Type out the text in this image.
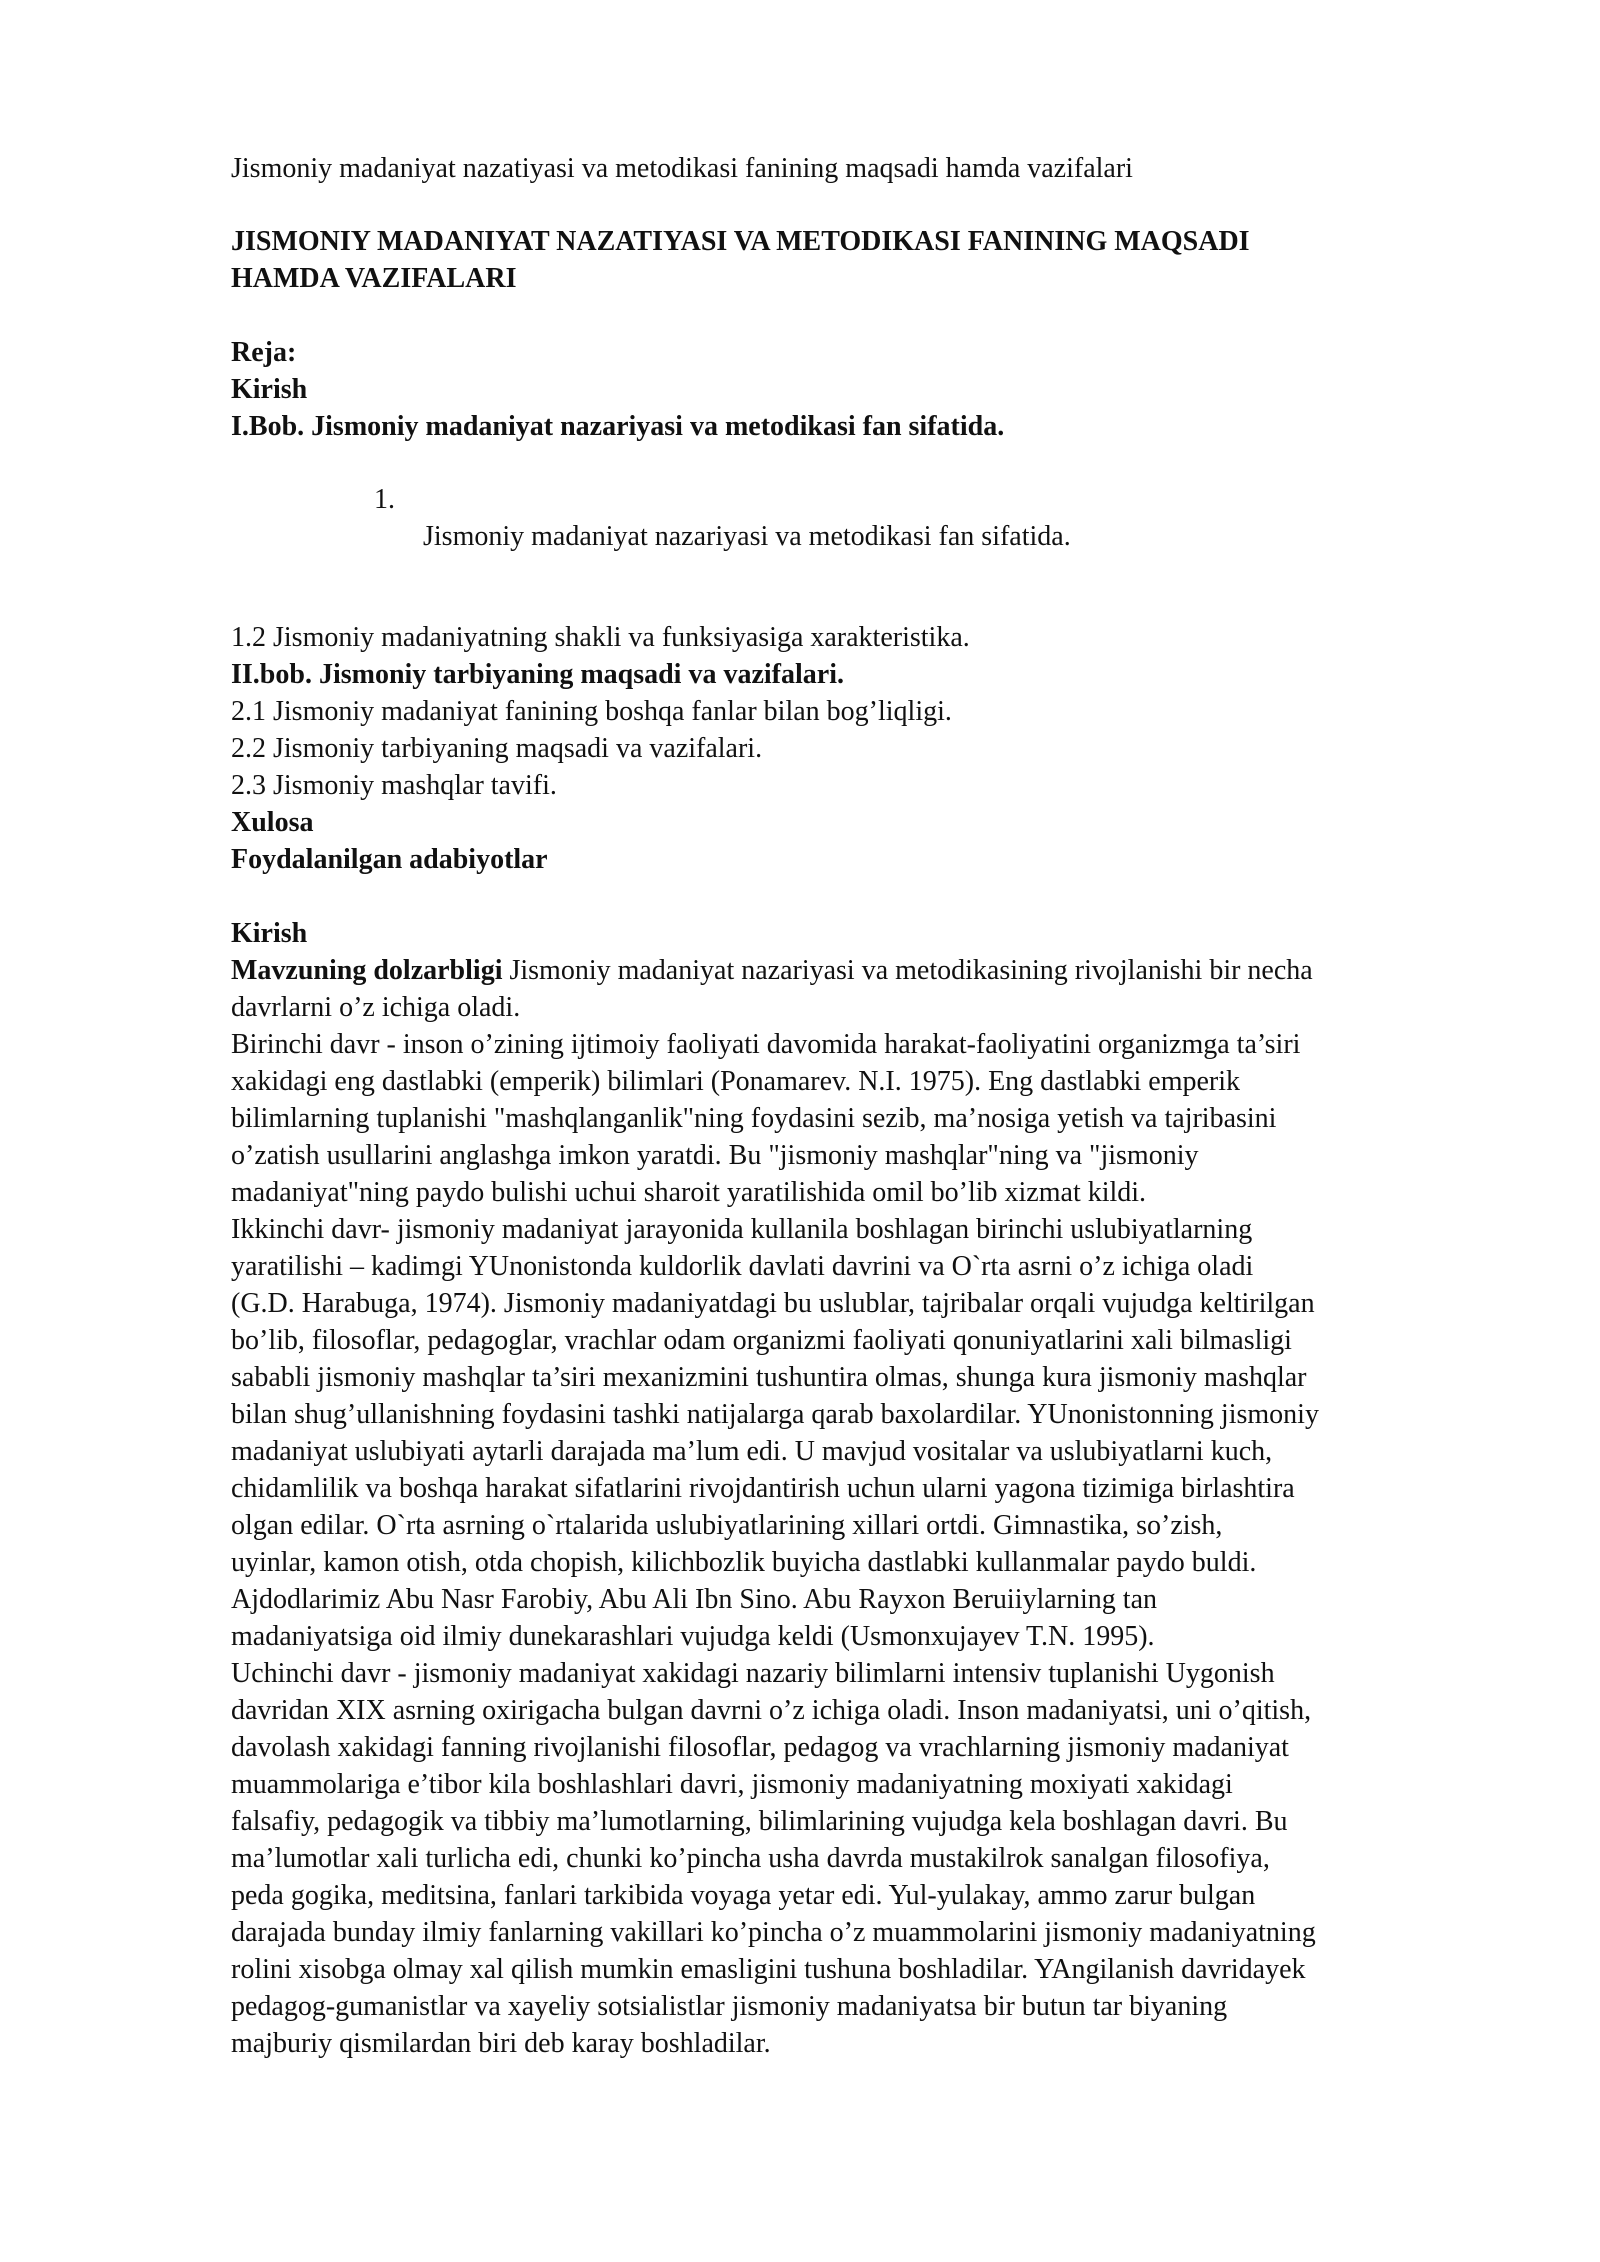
Jismoniy madaniyat nazatiyasi va metodikasi fanining maqsadi hamda vazifalari

JISMONIY MADANIYAT NAZATIYASI VA METODIKASI FANINING MAQSADI
HAMDA VAZIFALARI
Reja:
Kirish
I.Bob. Jismoniy madaniyat nazariyasi va metodikasi fan sifatida.
1.
Jismoniy madaniyat nazariyasi va metodikasi fan sifatida.
1.2 Jismoniy madaniyatning shakli va funksiyasiga xarakteristika.
II.bob. Jismoniy tarbiyaning maqsadi va vazifalari.
2.1 Jismoniy madaniyat fanining boshqa fanlar bilan bog’liqligi.
2.2 Jismoniy tarbiyaning maqsadi va vazifalari.
2.3 Jismoniy mashqlar tavifi.
Xulosa
Foydalanilgan adabiyotlar
Kirish
Mavzuning dolzarbligi Jismoniy madaniyat nazariyasi va metodikasining rivojlanishi bir necha
davrlarni o’z ichiga oladi.
Birinchi davr - inson o’zining ijtimoiy faoliyati davomida harakat-faoliyatini organizmga ta’siri
xakidagi eng dastlabki (emperik) bilimlari (Ponamarev. N.I. 1975). Eng dastlabki emperik
bilimlarning tuplanishi "mashqlanganlik"ning foydasini sezib, ma’nosiga yetish va tajribasini
o’zatish usullarini anglashga imkon yaratdi. Bu "jismoniy mashqlar"ning va "jismoniy
madaniyat"ning paydo bulishi uchui sharoit yaratilishida omil bo’lib xizmat kildi.
Ikkinchi davr- jismoniy madaniyat jarayonida kullanila boshlagan birinchi uslubiyatlarning
yaratilishi – kadimgi YUnonistonda kuldorlik davlati davrini va O`rta asrni o’z ichiga oladi
(G.D. Harabuga, 1974). Jismoniy madaniyatdagi bu uslublar, tajribalar orqali vujudga keltirilgan
bo’lib, filosoflar, pedagoglar, vrachlar odam organizmi faoliyati qonuniyatlarini xali bilmasligi
sababli jismoniy mashqlar ta’siri mexanizmini tushuntira olmas, shunga kura jismoniy mashqlar
bilan shug’ullanishning foydasini tashki natijalarga qarab baxolardilar. YUnonistonning jismoniy
madaniyat uslubiyati aytarli darajada ma’lum edi. U mavjud vositalar va uslubiyatlarni kuch,
chidamlilik va boshqa harakat sifatlarini rivojdantirish uchun ularni yagona tizimiga birlashtira
olgan edilar. O`rta asrning o`rtalarida uslubiyatlarining xillari ortdi. Gimnastika, so’zish,
uyinlar, kamon otish, otda chopish, kilichbozlik buyicha dastlabki kullanmalar paydo buldi.
Ajdodlarimiz Abu Nasr Farobiy, Abu Ali Ibn Sino. Abu Rayxon Beruiiylarning tan
madaniyatsiga oid ilmiy dunekarashlari vujudga keldi (Usmonxujayev T.N. 1995).
Uchinchi davr - jismoniy madaniyat xakidagi nazariy bilimlarni intensiv tuplanishi Uygonish
davridan XIX asrning oxirigacha bulgan davrni o’z ichiga oladi. Inson madaniyatsi, uni o’qitish,
davolash xakidagi fanning rivojlanishi filosoflar, pedagog va vrachlarning jismoniy madaniyat
muammolariga e’tibor kila boshlashlari davri, jismoniy madaniyatning moxiyati xakidagi
falsafiy, pedagogik va tibbiy ma’lumotlarning, bilimlarining vujudga kela boshlagan davri. Bu
ma’lumotlar xali turlicha edi, chunki ko’pincha usha davrda mustakilrok sanalgan filosofiya,
peda gogika, meditsina, fanlari tarkibida voyaga yetar edi. Yul-yulakay, ammo zarur bulgan
darajada bunday ilmiy fanlarning vakillari ko’pincha o’z muammolarini jismoniy madaniyatning
rolini xisobga olmay xal qilish mumkin emasligini tushuna boshladilar. YAngilanish davridayek
pedagog-gumanistlar va xayeliy sotsialistlar jismoniy madaniyatsa bir butun tar biyaning
majburiy qismilardan biri deb karay boshladilar.
